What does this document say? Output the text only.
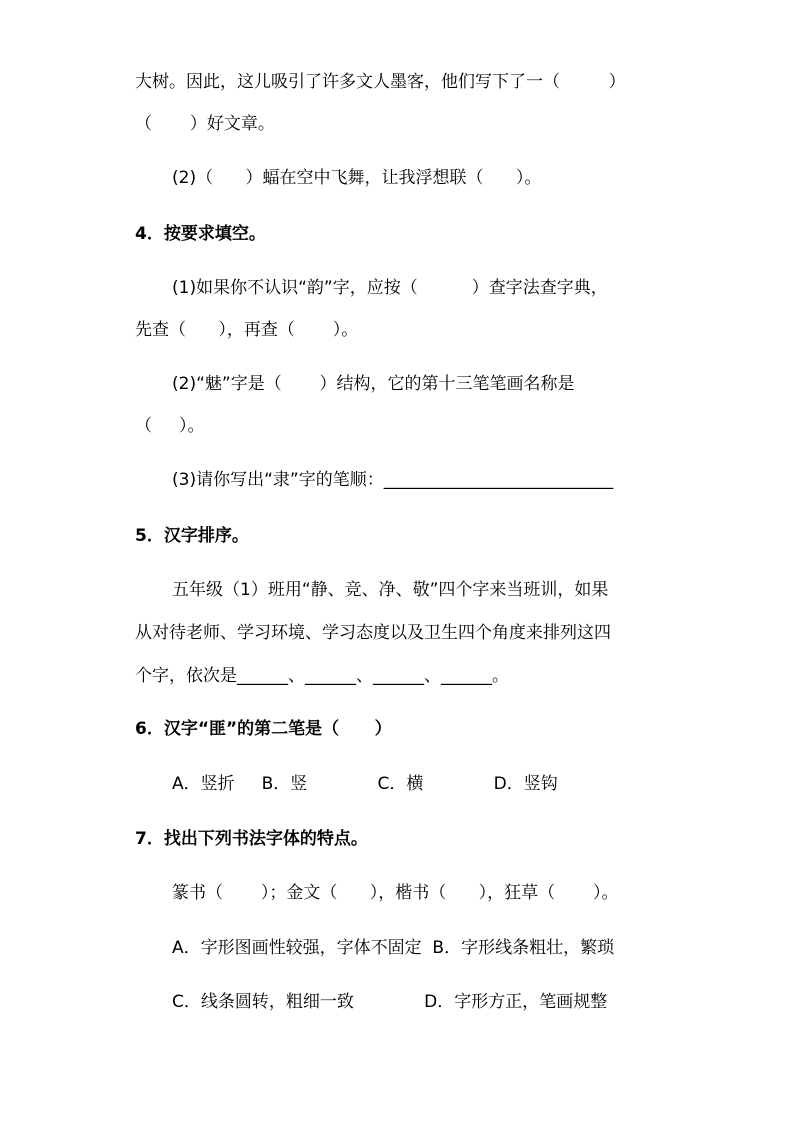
大树。因此，这儿吸引了许多文人墨客，他们写下了一（         ）
（       ）好文章。
(2)（      ）蝠在空中飞舞，让我浮想联（      ）。
4．按要求填空。
(1)如果你不认识“韵”字，应按（          ）查字法查字典，
先查（      ），再查（       ）。
(2)“魅”字是（       ）结构，它的第十三笔笔画名称是
（     ）。
(3)请你写出“隶”字的笔顺：___________________________
5．汉字排序。
五年级（1）班用“静、竞、净、敬”四个字来当班训，如果
从对待老师、学习环境、学习态度以及卫生四个角度来排列这四
个字，依次是______、______、______、______。
6．汉字“匪”的第二笔是（      ）
A．竖折     B．竖             C．横             D．竖钩
7．找出下列书法字体的特点。
篆书（       ）；金文（      ），楷书（      ），狂草（       ）。
A．字形图画性较强，字体不固定  B．字形线条粗壮，繁琐
C．线条圆转，粗细一致             D．字形方正，笔画规整
